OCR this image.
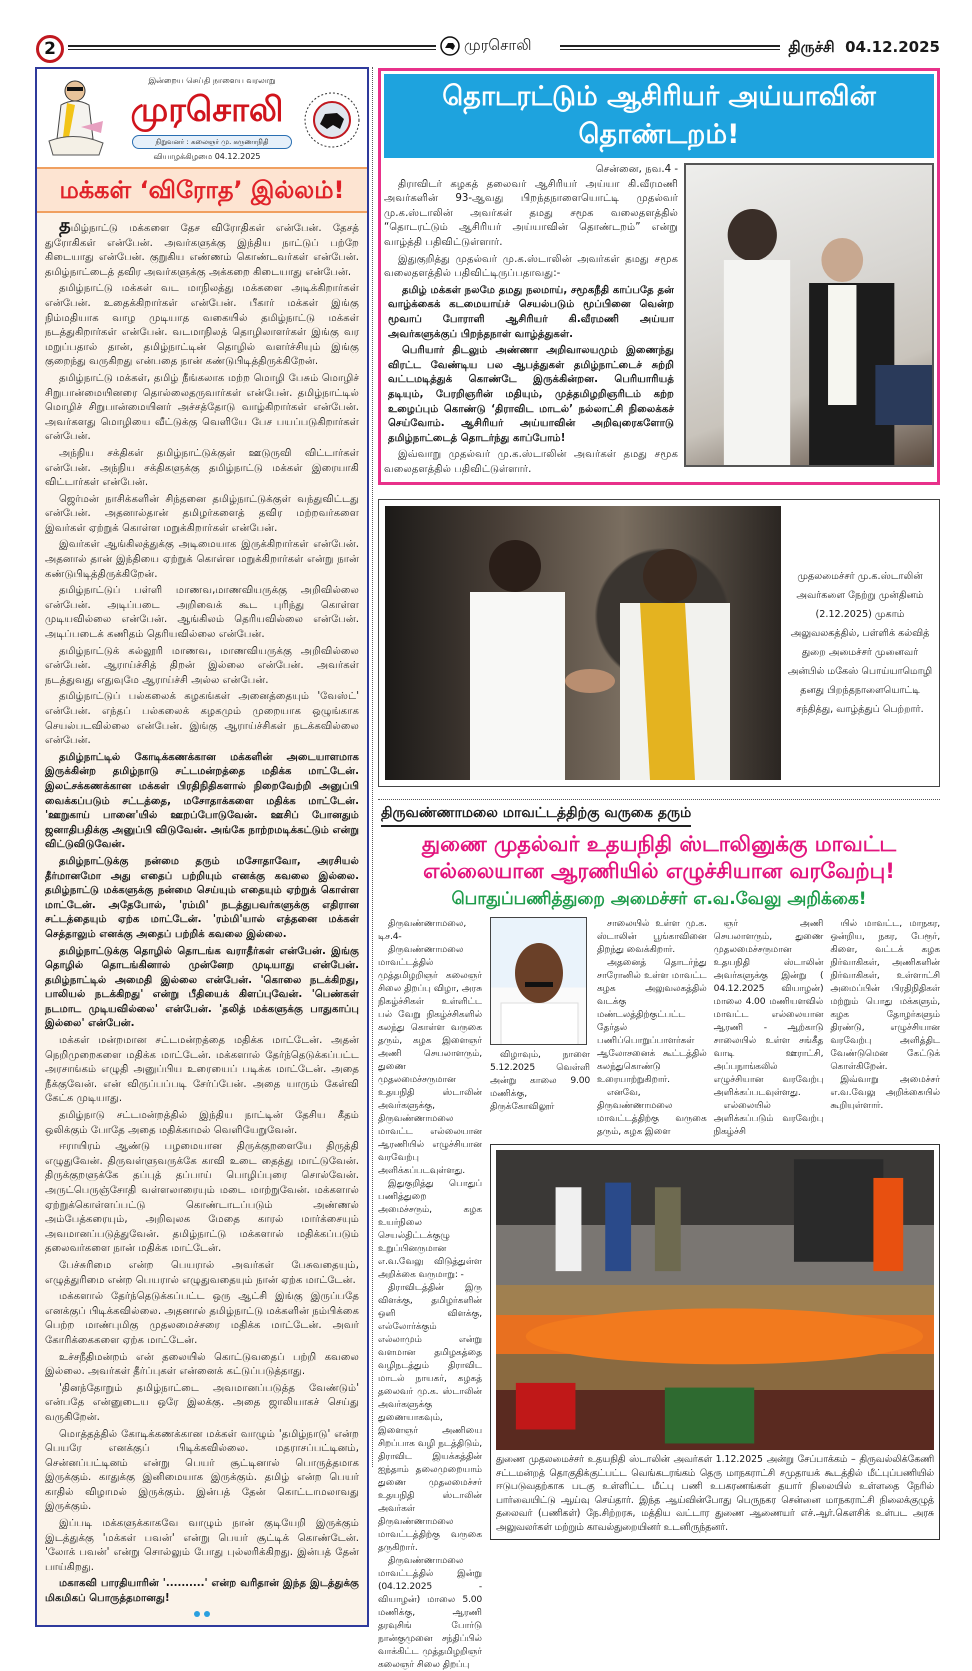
2	முரசொலி	திருச்சி 04.12.2025
இன்றைய செய்தி நாளைய வரலாறு
முரசொலி
நிறுவனர் : கலைஞர் மு. கருணாநிதி
வியாழக்கிழமை 04.12.2025
மக்கள் ‘விரோத’ இல்லம்!

தமிழ்நாட்டு மக்களை தேச விரோதிகள் என்பேன். தேசத் துரோகிகள் என்பேன். அவர்களுக்கு இந்திய நாட்டுப் பற்றே கிடையாது என்பேன். குறுகிய எண்ணம் கொண்டவர்கள் என்பேன். தமிழ்நாட்டைத் தவிர அவர்களுக்கு அக்கறை கிடையாது என்பேன்.

தமிழ்நாட்டு மக்கள் வட மாநிலத்து மக்களை அடிக்கிறார்கள் என்பேன். உதைக்கிறார்கள் என்பேன். பீகார் மக்கள் இங்கு நிம்மதியாக வாழ முடியாத வகையில் தமிழ்நாட்டு மக்கள் நடத்துகிறார்கள் என்பேன். வடமாநிலத் தொழிலாளர்கள் இங்கு வர மறுப்பதால் தான், தமிழ்நாட்டின் தொழில் வளர்ச்சியும் இங்கு குறைந்து வருகிறது என்பதை நான் கண்டுபிடித்திருக்கிறேன்.

தமிழ்நாட்டு மக்கள், தமிழ் நீங்கலாக மற்ற மொழி பேசும் மொழிச் சிறுபான்மையினரை தொல்லைதருவார்கள் என்பேன். தமிழ்நாட்டில் மொழிச் சிறுபான்மையினர் அச்சத்தோடு வாழ்கிறார்கள் என்பேன். அவர்களது மொழியை வீட்டுக்கு வெளியே பேச பயப்படுகிறார்கள் என்பேன்.

அந்நிய சக்திகள் தமிழ்நாட்டுக்குள் ஊடுருவி விட்டார்கள் என்பேன். அந்நிய சக்திகளுக்கு தமிழ்நாட்டு மக்கள் இரையாகி விட்டார்கள் என்பேன்.

ஜெர்மன் நாசிக்களின் சிந்தனை தமிழ்நாட்டுக்குள் வந்துவிட்டது என்பேன். அதனால்தான் தமிழர்களைத் தவிர மற்றவர்களை இவர்கள் ஏற்றுக் கொள்ள மறுக்கிறார்கள் என்பேன்.

இவர்கள் ஆங்கிலத்துக்கு அடிமையாக இருக்கிறார்கள் என்பேன். அதனால் தான் இந்தியை ஏற்றுக் கொள்ள மறுக்கிறார்கள் என்று நான் கண்டுபிடித்திருக்கிறேன்.

தமிழ்நாட்டுப் பள்ளி மாணவ,மாணவியருக்கு அறிவில்லை என்பேன். அடிப்படை அறிவைக் கூட புரிந்து கொள்ள முடியவில்லை என்பேன். ஆங்கிலம் தெரியவில்லை என்பேன். அடிப்படைக் கணிதம் தெரியவில்லை என்பேன்.

தமிழ்நாட்டுக் கல்லூரி மாணவ, மாணவியருக்கு அறிவில்லை என்பேன். ஆராய்ச்சித் திறன் இல்லை என்பேன். அவர்கள் நடத்துவது எதுவுமே ஆராய்ச்சி அல்ல என்பேன்.

தமிழ்நாட்டுப் பல்கலைக் கழகங்கள் அனைத்தையும் 'வேஸ்ட்' என்பேன். எந்தப் பல்கலைக் கழகமும் முறையாக ஒழுங்காக செயல்படவில்லை என்பேன். இங்கு ஆராய்ச்சிகள் நடக்கவில்லை என்பேன்.

தமிழ்நாட்டில் கோடிக்கணக்கான மக்களின் அடையாளமாக இருக்கின்ற தமிழ்நாடு சட்டமன்றத்தை மதிக்க மாட்டேன். இலட்சக்கணக்கான மக்கள் பிரதிநிதிகளால் நிறைவேற்றி அனுப்பி வைக்கப்படும் சட்டத்தை, மசோதாக்களை மதிக்க மாட்டேன். 'ஊறுகாய் பானை'யில் ஊறப்போடுவேன். ஊசிப் போனதும் ஜனாதிபதிக்கு அனுப்பி விடுவேன். அங்கே நாற்றமடிக்கட்டும் என்று விட்டுவிடுவேன்.

தமிழ்நாட்டுக்கு நன்மை தரும் மசோதாவோ, அரசியல் தீர்மானமோ அது எதைப் பற்றியும் எனக்கு கவலை இல்லை. தமிழ்நாட்டு மக்களுக்கு நன்மை செய்யும் எதையும் ஏற்றுக் கொள்ள மாட்டேன். அதேபோல், 'ரம்மி' நடத்துபவர்களுக்கு எதிரான சட்டத்தையும் ஏற்க மாட்டேன். 'ரம்மி'யால் எத்தனை மக்கள் செத்தாலும் எனக்கு அதைப் பற்றிக் கவலை இல்லை.

தமிழ்நாட்டுக்கு தொழில் தொடங்க வராதீர்கள் என்பேன். இங்கு தொழில் தொடங்கினால் முன்னேற முடியாது என்பேன். தமிழ்நாட்டில் அமைதி இல்லை என்பேன். 'கொலை நடக்கிறது, பாலியல் நடக்கிறது' என்று பீதியைக் கிளப்புவேன். 'பெண்கள் நடமாட முடியவில்லை' என்பேன். 'தலித் மக்களுக்கு பாதுகாப்பு இல்லை' என்பேன்.

மக்கள் மன்றமான சட்டமன்றத்தை மதிக்க மாட்டேன். அதன் நெறிமுறைகளை மதிக்க மாட்டேன். மக்களால் தேர்ந்தெடுக்கப்பட்ட அரசாங்கம் எழுதி அனுப்பிய உரையைப் படிக்க மாட்டேன். அதை நீக்குவேன். என் விருப்பப்படி சேர்ப்பேன். அதை யாரும் கேள்வி கேட்க முடியாது.

தமிழ்நாடு சட்டமன்றத்தில் இந்திய நாட்டின் தேசிய கீதம் ஒலிக்கும் போதே அதை மதிக்காமல் வெளியேறுவேன்.

ஈராயிரம் ஆண்டு பழமையான திருக்குறளையே திருத்தி எழுதுவேன். திருவள்ளுவருக்கே காவி உடை தைத்து மாட்டுவேன். திருக்குறளுக்கே தப்புத் தப்பாய் பொழிப்புரை சொல்வேன். அருட்பெருஞ்சோதி வள்ளலாரையும் மடை மாற்றுவேன். மக்களால் ஏற்றுக்கொள்ளப்பட்டு கொண்டாடப்படும் அண்ணல் அம்பேத்கரையும், அறிவுலக மேதை காரல் மார்க்சையும் அவமானப்படுத்துவேன். தமிழ்நாட்டு மக்களால் மதிக்கப்படும் தலைவர்களை நான் மதிக்க மாட்டேன்.

பேச்சுரிமை என்ற பெயரால் அவர்கள் பேசுவதையும், எழுத்துரிமை என்ற பெயரால் எழுதுவதையும் நான் ஏற்க மாட்டேன்.

மக்களால் தேர்ந்தெடுக்கப்பட்ட ஒரு ஆட்சி இங்கு இருப்பதே எனக்குப் பிடிக்கவில்லை. அதனால் தமிழ்நாட்டு மக்களின் நம்பிக்கை பெற்ற மாண்புமிகு முதலமைச்சரை மதிக்க மாட்டேன். அவர் கோரிக்கைகளை ஏற்க மாட்டேன்.

உச்சநீதிமன்றம் என் தலையில் கொட்டுவதைப் பற்றி கவலை இல்லை. அவர்கள் தீர்ப்புகள் என்னைக் கட்டுப்படுத்தாது.

'தினந்தோறும் தமிழ்நாட்டை அவமானப்படுத்த வேண்டும்' என்பதே என்னுடைய ஒரே இலக்கு. அதை ஜாலியாகச் செய்து வருகிறேன்.

மொத்தத்தில் கோடிக்கணக்கான மக்கள் வாழும் 'தமிழ்நாடு' என்ற பெயரே எனக்குப் பிடிக்கவில்லை. மதராசப்பட்டினம், சென்னப்பட்டினம் என்று பெயர் சூட்டினால் பொருத்தமாக இருக்கும். காதுக்கு இனிமையாக இருக்கும். தமிழ் என்ற பெயர் காதில் விழாமல் இருக்கும். இன்பத் தேன் கொட்டாமலாவது இருக்கும்.

இப்படி மக்களுக்காகவே வாழும் நான் குடியேறி இருக்கும் இடத்துக்கு 'மக்கள் பவன்' என்று பெயர் சூட்டிக் கொண்டேன். 'லோக் பவன்' என்று சொல்லும் போது புல்லரிக்கிறது. இன்பத் தேன் பாய்கிறது.

மகாகவி பாரதியாரின் '..........' என்ற வரிதான் இந்த இடத்துக்கு மிகமிகப் பொருத்தமானது!

தொடரட்டும் ஆசிரியர் அய்யாவின் தொண்டறம்!
சென்னை, நவ.4 -

திராவிடர் கழகத் தலைவர் ஆசிரியர் அய்யா கி.வீரமணி அவர்களின் 93-ஆவது பிறந்தநாளையொட்டி முதல்வர் மு.க.ஸ்டாலின் அவர்கள் தமது சமூக வலைதளத்தில் “தொடரட்டும் ஆசிரியர் அய்யாவின் தொண்டறம்” என்று வாழ்த்தி பதிவிட்டுள்ளார்.

இதுகுறித்து முதல்வர் மு.க.ஸ்டாலின் அவர்கள் தமது சமூக வலைதளத்தில் பதிவிட்டிருப்பதாவது:-

தமிழ் மக்கள் நலமே தமது நலமாய், சமூகநீதி காப்பதே தன் வாழ்க்கைக் கடமையாய்ச் செயல்படும் மூப்பினை வென்ற மூவாப் போராளி ஆசிரியர் கி.வீரமணி அய்யா அவர்களுக்குப் பிறந்தநாள் வாழ்த்துகள்.

பெரியார் திடலும் அண்ணா அறிவாலயமும் இணைந்து விரட்ட வேண்டிய பல ஆபத்துகள் தமிழ்நாட்டைச் சுற்றி வட்டமடித்துக் கொண்டே இருக்கின்றன. பெரியாரியத் தடியும், பேரறிஞரின் மதியும், முத்தமிழறிஞரிடம் கற்ற உழைப்பும் கொண்டு ‘திராவிட மாடல்’ நல்லாட்சி நிலைக்கச் செய்வோம். ஆசிரியர் அய்யாவின் அறிவுரைகளோடு தமிழ்நாட்டைத் தொடர்ந்து காப்போம்!

இவ்வாறு முதல்வர் மு.க.ஸ்டாலின் அவர்கள் தமது சமூக வலைதளத்தில் பதிவிட்டுள்ளார்.

முதலமைச்சர் மு.க.ஸ்டாலின் அவர்களை நேற்று முன்தினம் (2.12.2025) முகாம் அலுவலகத்தில், பள்ளிக் கல்வித் துறை அமைச்சர் முனைவர் அன்பில் மகேஸ் பொய்யாமொழி தனது பிறந்தநாளையொட்டி சந்தித்து, வாழ்த்துப் பெற்றார்.
திருவண்ணாமலை மாவட்டத்திற்கு வருகை தரும்
துணை முதல்வர் உதயநிதி ஸ்டாலினுக்கு மாவட்ட எல்லையான ஆரணியில் எழுச்சியான வரவேற்பு!
பொதுப்பணித்துறை அமைச்சர் எ.வ.வேலு அறிக்கை!

திருவண்ணாமலை, டிச.4-

திருவண்ணாமலை மாவட்டத்தில் முத்தமிழறிஞர் கலைஞர் சிலை திறப்பு விழா, அரசு நிகழ்ச்சிகள் உள்ளிட்ட பல் வேறு நிகழ்ச்சிகளில் கலந்து கொள்ள வருகை தரும், கழக இளைஞர் அணி செயலாளரும், துணை முதலமைச்சருமான உதயநிதி ஸ்டாலின் அவர்களுக்கு, திருவண்ணாமலை மாவட்ட எல்லையான ஆரணியில் எழுச்சியான வரவேற்பு அளிக்கப்படவுள்ளது.

இதுகுறித்து பொதுப் பணித்துறை அமைச்சரும், கழக உயர்நிலை செயல்திட்டக்குழு உறுப்பினருமான எ.வ.வேலு விடுத்துள்ள அறிக்கை வருமாறு: -

திராவிடத்தின் இரு விளக்கு, தமிழர்களின் ஒளி விளக்கு, எல்லோர்க்கும் எல்லாமும் என்று வளமான தமிழகத்தை வழிநடத்தும் திராவிட மாடல் நாயகர், கழகத் தலைவர் மு.க. ஸ்டாலின் அவர்களுக்கு துணையாகவும், இளைஞர் அணியை சிறப்பாக வழி நடத்திடும், திராவிட இயக்கத்தின் ஐந்தாம் தலைமுறையாம் துணை முதலமைச்சர் உதயநிதி ஸ்டாலின் அவர்கள் திருவண்ணாமலை மாவட்டத்திற்கு வருகை தருகிறார்.

திருவண்ணாமலை மாவட்டத்தில் இன்று (04.12.2025 - வியாழன்) மாலை 5.00 மணிக்கு, ஆரணி தரவுசிங் போர்டு நான்குமுனை சந்திப்பில் வாக்கிட்ட முத்தமிழறிஞர் கலைஞர் சிலை திறப்பு

விழாவும், நாளை 5.12.2025 வெள்ளி அன்று காலை 9.00 மணிக்கு, திருக்கோவிலூர்

சாலையில் உள்ள மு.க. ஸ்டாலின் பூங்காவினை திறந்து வைக்கிறார்.

அதனைத் தொடர்ந்து சாரோனில் உள்ள மாவட்ட கழக அலுவலகத்தில் வடக்கு மண்டலத்திற்குட்பட்ட தேர்தல் பணிப்பொறுப்பாளர்கள் ஆலோசனைக் கூட்டத்தில் கலந்துகொண்டு உரையாற்றுகிறார்.

எனவே, திருவண்ணாமலை மாவட்டத்திற்கு வருகை தரும், கழக இளை

ஞர் அணி செயலாளரும், துணை முதலமைச்சருமான உதயநிதி ஸ்டாலின் அவர்களுக்கு இன்று ( 04.12.2025 வியாழன்) மாலை 4.00 மணியளவில் மாவட்ட எல்லையான ஆரணி - ஆற்காடு சாலையில் உள்ள சங்கீத வாடி ஊராட்சி, அப்பநாங்கலில் எழுச்சியான வரவேற்பு அளிக்கப்படவுள்ளது.

எல்லையில் அளிக்கப்படும் வரவேற்பு நிகழ்ச்சி

யில் மாவட்ட, மாநகர, ஒன்றிய, நகர, பேரூர், கிளை, வட்டக் கழக நிர்வாகிகள், அணிகளின் நிர்வாகிகள், உள்ளாட்சி அமைப்பின் பிரதிநிதிகள் மற்றும் பொது மக்களும், கழக தோழர்களும் திரண்டு, எழுச்சியான வரவேற்பு அளித்திட வேண்டுமென கேட்டுக் கொள்கிறேன்.

இவ்வாறு அமைச்சர் எ.வ.வேலு அறிக்கையில் கூறியுள்ளார்.

துணை முதலமைச்சர் உதயநிதி ஸ்டாலின் அவர்கள் 1.12.2025 அன்று சேப்பாக்கம் – திருவல்லிக்கேணி சட்டமன்றத் தொகுதிக்குட்பட்ட வெங்கடரங்கம் தெரு மாநகராட்சி சமுதாயக் கூடத்தில் மீட்புப்பணியில் ஈடுபடுவதற்காக படகு உள்ளிட்ட மீட்பு பணி உபகரணங்கள் தயார் நிலையில் உள்ளதை நேரில் பார்வையிட்டு ஆய்வு செய்தார். இந்த ஆய்வின்போது பெருநகர சென்னை மாநகராட்சி நிலைக்குழுத் தலைவர் (பணிகள்) நே.சிற்றரசு, மத்திய வட்டார துணை ஆணையர் எச்.ஆர்.கௌசிக் உள்பட அரசு அலுவலர்கள் மற்றும் காவல்துறையினர் உடனிருந்தனர்.
